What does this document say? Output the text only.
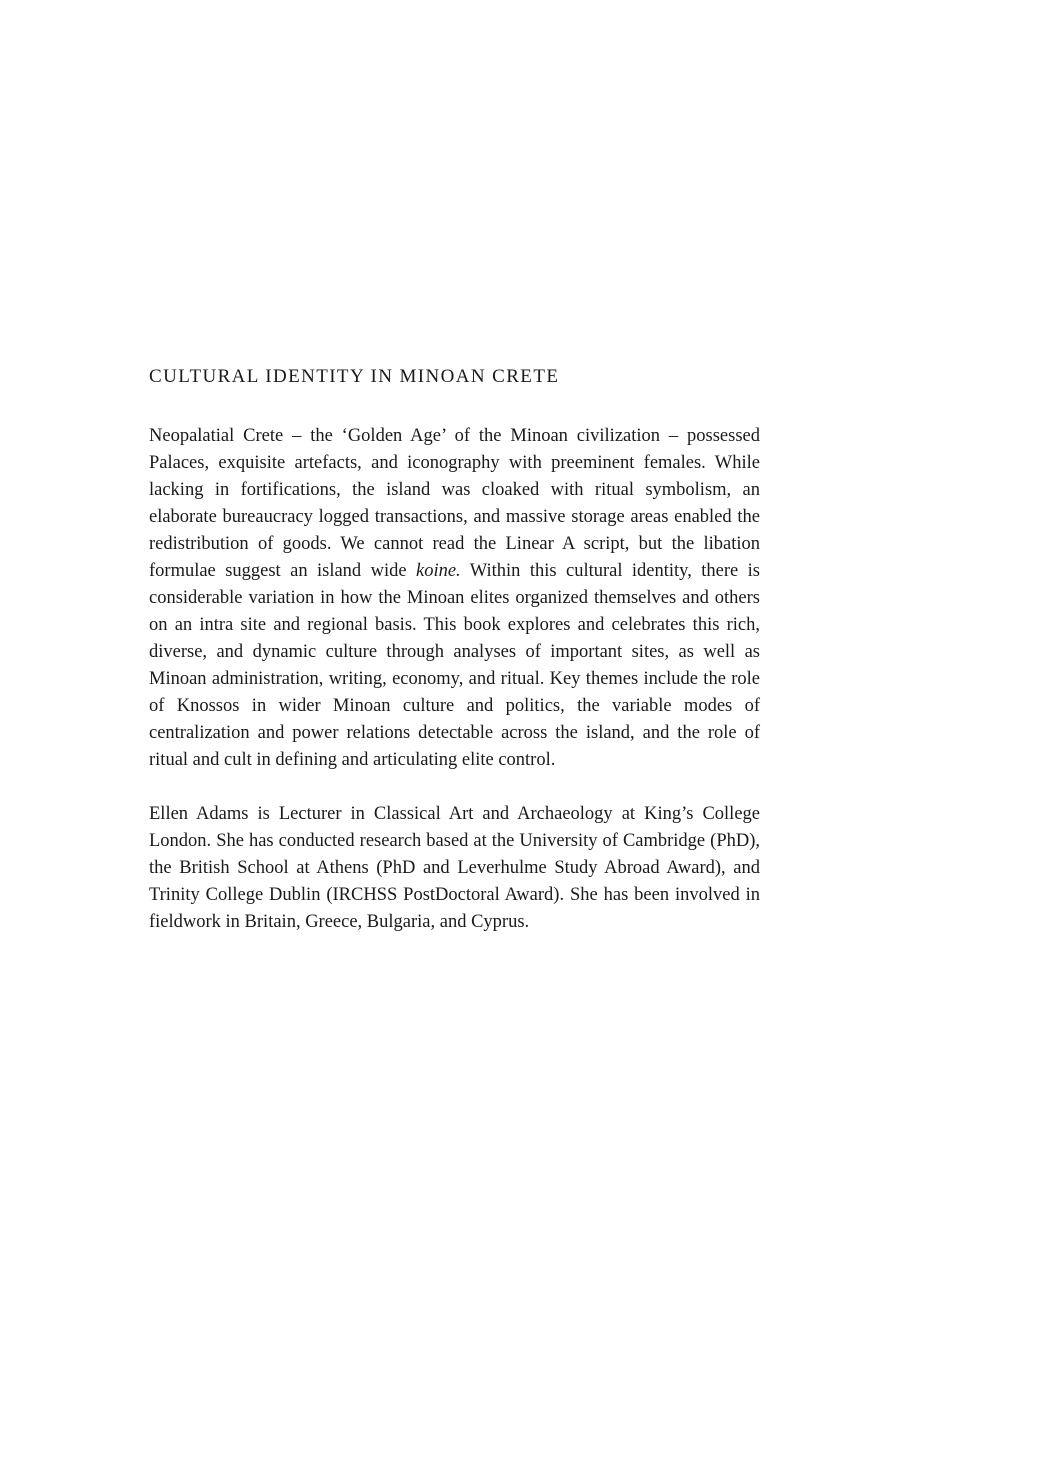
CULTURAL IDENTITY IN MINOAN CRETE

Neopalatial Crete – the ‘Golden Age’ of the Minoan civilization – possessed Palaces, exquisite artefacts, and iconography with preeminent females. While lacking in fortifications, the island was cloaked with ritual symbolism, an elaborate bureaucracy logged transactions, and massive storage areas enabled the redistribution of goods. We cannot read the Linear A script, but the libation formulae suggest an island wide koine. Within this cultural identity, there is considerable variation in how the Minoan elites organized themselves and others on an intra site and regional basis. This book explores and celebrates this rich, diverse, and dynamic culture through analyses of important sites, as well as Minoan administration, writing, economy, and ritual. Key themes include the role of Knossos in wider Minoan culture and politics, the variable modes of centralization and power relations detectable across the island, and the role of ritual and cult in defining and articulating elite control.

Ellen Adams is Lecturer in Classical Art and Archaeology at King’s College London. She has conducted research based at the University of Cambridge (PhD), the British School at Athens (PhD and Leverhulme Study Abroad Award), and Trinity College Dublin (IRCHSS PostDoctoral Award). She has been involved in fieldwork in Britain, Greece, Bulgaria, and Cyprus.
